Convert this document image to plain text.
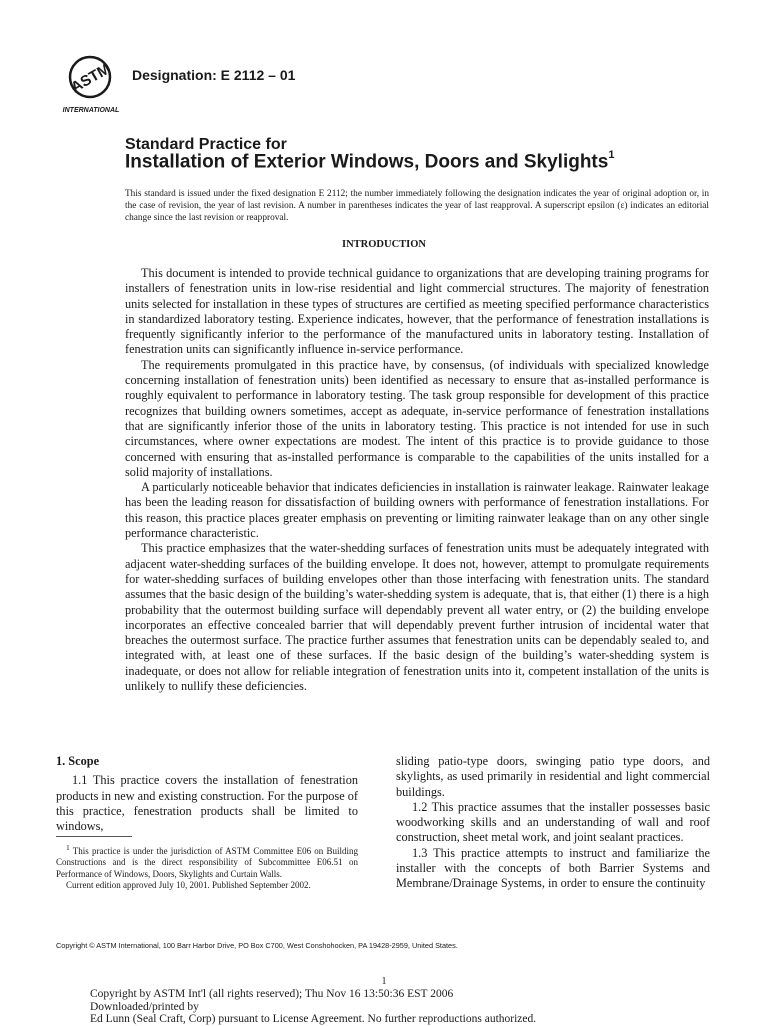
ASTM
INTERNATIONAL
Designation: E 2112 – 01
Standard Practice for
Installation of Exterior Windows, Doors and Skylights$^1$
This standard is issued under the fixed designation E 2112; the number immediately following the designation indicates the year of original adoption or, in the case of revision, the year of last revision. A number in parentheses indicates the year of last reapproval. A superscript epsilon (ε) indicates an editorial change since the last revision or reapproval.
INTRODUCTION

This document is intended to provide technical guidance to organizations that are developing training programs for installers of fenestration units in low-rise residential and light commercial structures. The majority of fenestration units selected for installation in these types of structures are certified as meeting specified performance characteristics in standardized laboratory testing. Experience indicates, however, that the performance of fenestration installations is frequently significantly inferior to the performance of the manufactured units in laboratory testing. Installation of fenestration units can significantly influence in-service performance.

The requirements promulgated in this practice have, by consensus, (of individuals with specialized knowledge concerning installation of fenestration units) been identified as necessary to ensure that as-installed performance is roughly equivalent to performance in laboratory testing. The task group responsible for development of this practice recognizes that building owners sometimes, accept as adequate, in-service performance of fenestration installations that are significantly inferior those of the units in laboratory testing. This practice is not intended for use in such circumstances, where owner expectations are modest. The intent of this practice is to provide guidance to those concerned with ensuring that as-installed performance is comparable to the capabilities of the units installed for a solid majority of installations.

A particularly noticeable behavior that indicates deficiencies in installation is rainwater leakage. Rainwater leakage has been the leading reason for dissatisfaction of building owners with performance of fenestration installations. For this reason, this practice places greater emphasis on preventing or limiting rainwater leakage than on any other single performance characteristic.

This practice emphasizes that the water-shedding surfaces of fenestration units must be adequately integrated with adjacent water-shedding surfaces of the building envelope. It does not, however, attempt to promulgate requirements for water-shedding surfaces of building envelopes other than those interfacing with fenestration units. The standard assumes that the basic design of the building’s water-shedding system is adequate, that is, that either (1) there is a high probability that the outermost building surface will dependably prevent all water entry, or (2) the building envelope incorporates an effective concealed barrier that will dependably prevent further intrusion of incidental water that breaches the outermost surface. The practice further assumes that fenestration units can be dependably sealed to, and integrated with, at least one of these surfaces. If the basic design of the building’s water-shedding system is inadequate, or does not allow for reliable integration of fenestration units into it, competent installation of the units is unlikely to nullify these deficiencies.

1. Scope

1.1 This practice covers the installation of fenestration products in new and existing construction. For the purpose of this practice, fenestration products shall be limited to windows,

sliding patio-type doors, swinging patio type doors, and skylights, as used primarily in residential and light commercial buildings.

1.2 This practice assumes that the installer possesses basic woodworking skills and an understanding of wall and roof construction, sheet metal work, and joint sealant practices.

1.3 This practice attempts to instruct and familiarize the installer with the concepts of both Barrier Systems and Membrane/Drainage Systems, in order to ensure the continuity

$^1$ This practice is under the jurisdiction of ASTM Committee E06 on Building Constructions and is the direct responsibility of Subcommittee E06.51 on Performance of Windows, Doors, Skylights and Curtain Walls.

Current edition approved July 10, 2001. Published September 2002.

Copyright © ASTM International, 100 Barr Harbor Drive, PO Box C700, West Conshohocken, PA 19428-2959, United States.
1
Copyright by ASTM Int'l (all rights reserved); Thu Nov 16 13:50:36 EST 2006
Downloaded/printed by
Ed Lunn (Seal Craft, Corp) pursuant to License Agreement. No further reproductions authorized.
